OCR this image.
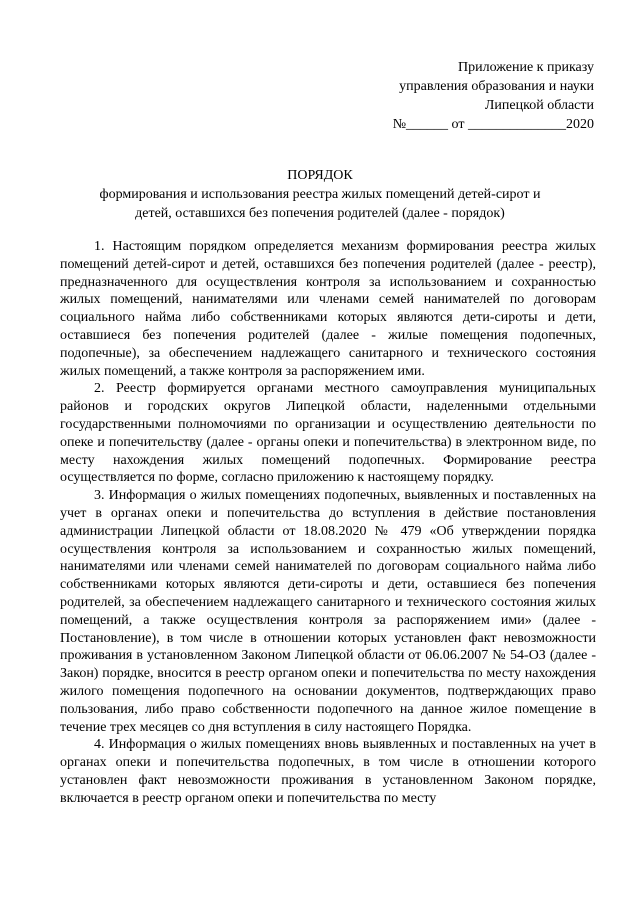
Приложение к приказу
управления образования и науки
Липецкой области
№______ от ______________2020
ПОРЯДОК
формирования и использования реестра жилых помещений детей-сирот и детей, оставшихся без попечения родителей (далее - порядок)

1. Настоящим порядком определяется механизм формирования реестра жилых помещений детей-сирот и детей, оставшихся без попечения родителей (далее - реестр), предназначенного для осуществления контроля за использованием и сохранностью жилых помещений, нанимателями или членами семей нанимателей по договорам социального найма либо собственниками которых являются дети-сироты и дети, оставшиеся без попечения родителей (далее - жилые помещения подопечных, подопечные), за обеспечением надлежащего санитарного и технического состояния жилых помещений, а также контроля за распоряжением ими.

2. Реестр формируется органами местного самоуправления муниципальных районов и городских округов Липецкой области, наделенными отдельными государственными полномочиями по организации и осуществлению деятельности по опеке и попечительству (далее - органы опеки и попечительства) в электронном виде, по месту нахождения жилых помещений подопечных. Формирование реестра осуществляется по форме, согласно приложению к настоящему порядку.

3. Информация о жилых помещениях подопечных, выявленных и поставленных на учет в органах опеки и попечительства до вступления в действие постановления администрации Липецкой области от 18.08.2020 № 479 «Об утверждении порядка осуществления контроля за использованием и сохранностью жилых помещений, нанимателями или членами семей нанимателей по договорам социального найма либо собственниками которых являются дети-сироты и дети, оставшиеся без попечения родителей, за обеспечением надлежащего санитарного и технического состояния жилых помещений, а также осуществления контроля за распоряжением ими» (далее - Постановление), в том числе в отношении которых установлен факт невозможности проживания в установленном Законом Липецкой области от 06.06.2007 № 54-ОЗ (далее - Закон) порядке, вносится в реестр органом опеки и попечительства по месту нахождения жилого помещения подопечного на основании документов, подтверждающих право пользования, либо право собственности подопечного на данное жилое помещение в течение трех месяцев со дня вступления в силу настоящего Порядка.

4. Информация о жилых помещениях вновь выявленных и поставленных на учет в органах опеки и попечительства подопечных, в том числе в отношении которого установлен факт невозможности проживания в установленном Законом порядке, включается в реестр органом опеки и попечительства по месту
